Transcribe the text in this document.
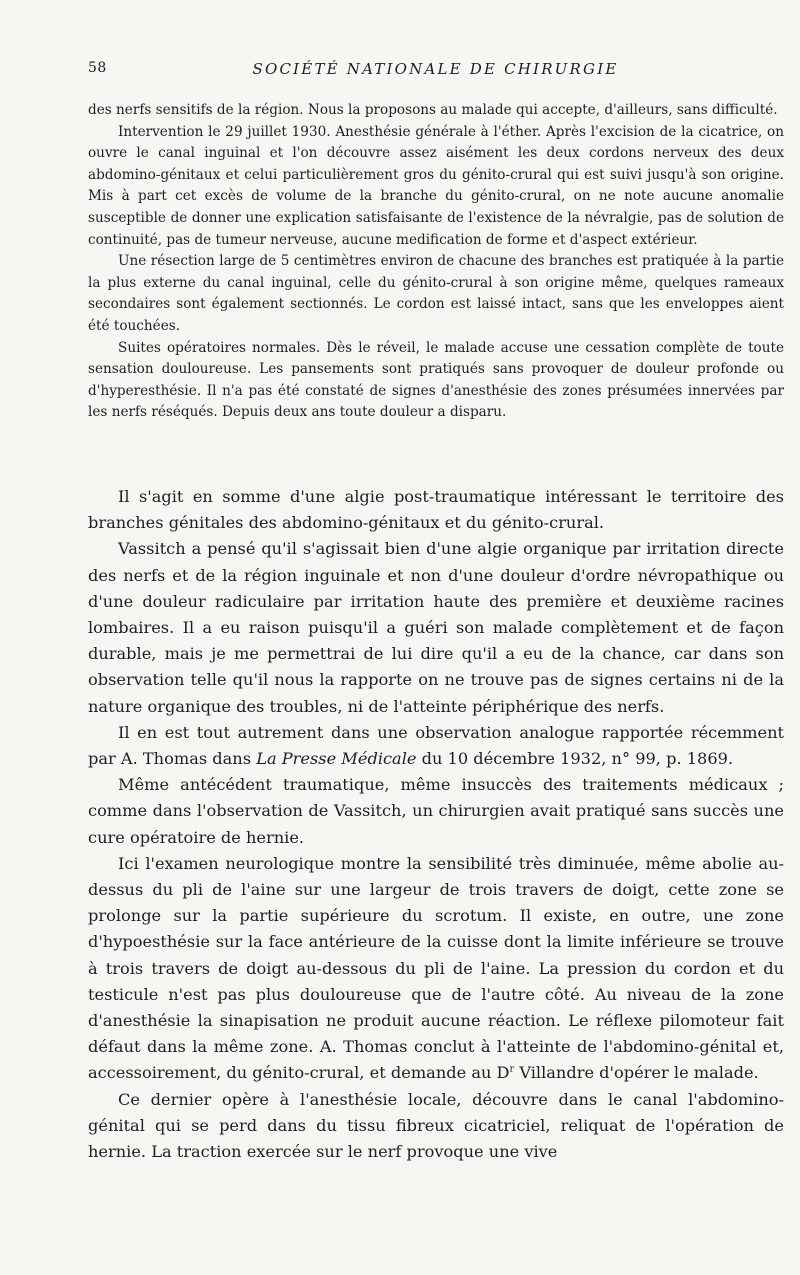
58	SOCIÉTÉ NATIONALE DE CHIRURGIE

des nerfs sensitifs de la région. Nous la proposons au malade qui accepte, d'ailleurs, sans difficulté.

Intervention le 29 juillet 1930. Anesthésie générale à l'éther. Après l'excision de la cicatrice, on ouvre le canal inguinal et l'on découvre assez aisément les deux cordons nerveux des deux abdomino-génitaux et celui particulièrement gros du génito-crural qui est suivi jusqu'à son origine. Mis à part cet excès de volume de la branche du génito-crural, on ne note aucune anomalie susceptible de donner une explication satisfaisante de l'existence de la névralgie, pas de solution de continuité, pas de tumeur nerveuse, aucune medification de forme et d'aspect extérieur.

Une résection large de 5 centimètres environ de chacune des branches est pratiquée à la partie la plus externe du canal inguinal, celle du génito-crural à son origine même, quelques rameaux secondaires sont également sectionnés. Le cordon est laissé intact, sans que les enveloppes aient été touchées.

Suites opératoires normales. Dès le réveil, le malade accuse une cessation complète de toute sensation douloureuse. Les pansements sont pratiqués sans provoquer de douleur profonde ou d'hyperesthésie. Il n'a pas été constaté de signes d'anesthésie des zones présumées innervées par les nerfs réséqués. Depuis deux ans toute douleur a disparu.

Il s'agit en somme d'une algie post-traumatique intéressant le territoire des branches génitales des abdomino-génitaux et du génito-crural.

Vassitch a pensé qu'il s'agissait bien d'une algie organique par irritation directe des nerfs et de la région inguinale et non d'une douleur d'ordre névropathique ou d'une douleur radiculaire par irritation haute des première et deuxième racines lombaires. Il a eu raison puisqu'il a guéri son malade complètement et de façon durable, mais je me permettrai de lui dire qu'il a eu de la chance, car dans son observation telle qu'il nous la rapporte on ne trouve pas de signes certains ni de la nature organique des troubles, ni de l'atteinte périphérique des nerfs.

Il en est tout autrement dans une observation analogue rapportée récemment par A. Thomas dans La Presse Médicale du 10 décembre 1932, n° 99, p. 1869.

Même antécédent traumatique, même insuccès des traitements médicaux ; comme dans l'observation de Vassitch, un chirurgien avait pratiqué sans succès une cure opératoire de hernie.

Ici l'examen neurologique montre la sensibilité très diminuée, même abolie au-dessus du pli de l'aine sur une largeur de trois travers de doigt, cette zone se prolonge sur la partie supérieure du scrotum. Il existe, en outre, une zone d'hypoesthésie sur la face antérieure de la cuisse dont la limite inférieure se trouve à trois travers de doigt au-dessous du pli de l'aine. La pression du cordon et du testicule n'est pas plus douloureuse que de l'autre côté. Au niveau de la zone d'anesthésie la sinapisation ne produit aucune réaction. Le réflexe pilomoteur fait défaut dans la même zone. A. Thomas conclut à l'atteinte de l'abdomino-génital et, accessoirement, du génito-crural, et demande au $D^r$ Villandre d'opérer le malade.

Ce dernier opère à l'anesthésie locale, découvre dans le canal l'abdomino-génital qui se perd dans du tissu fibreux cicatriciel, reliquat de l'opération de hernie. La traction exercée sur le nerf provoque une vive
